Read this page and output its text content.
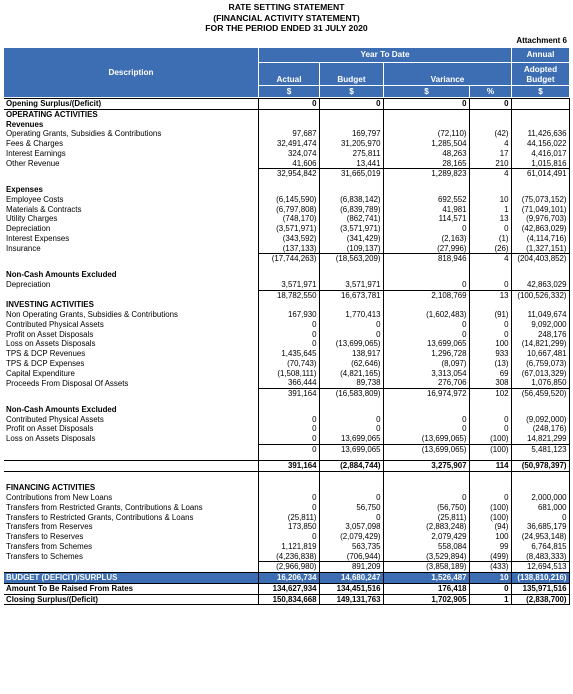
RATE SETTING STATEMENT
(FINANCIAL ACTIVITY STATEMENT)
FOR THE PERIOD ENDED 31 JULY 2020
Attachment 6
Description
Year To Date	Annual
Actual	Budget	Variance
Adopted Budget
$	$	$	%	$
Opening Surplus/(Deficit)	0	0	0	0	
OPERATING ACTIVITIES					
Revenues					
Operating Grants, Subsidies & Contributions	97,687	169,797	(72,110)	(42)	11,426,636
Fees & Charges	32,491,474	31,205,970	1,285,504	4	44,156,022
Interest Earnings	324,074	275,811	48,263	17	4,416,017
Other Revenue	41,606	13,441	28,165	210	1,015,816
	32,954,842	31,665,019	1,289,823	4	61,014,491

Expenses					
Employee Costs	(6,145,590)	(6,838,142)	692,552	10	(75,073,152)
Materials & Contracts	(6,797,808)	(6,839,789)	41,981	1	(71,049,101)
Utility Charges	(748,170)	(862,741)	114,571	13	(9,976,703)
Depreciation	(3,571,971)	(3,571,971)	0	0	(42,863,029)
Interest Expenses	(343,592)	(341,429)	(2,163)	(1)	(4,114,716)
Insurance	(137,133)	(109,137)	(27,996)	(26)	(1,327,151)
	(17,744,263)	(18,563,209)	818,946	4	(204,403,852)

Non-Cash Amounts Excluded					
Depreciation	3,571,971	3,571,971	0	0	42,863,029
	18,782,550	16,673,781	2,108,769	13	(100,526,332)
INVESTING ACTIVITIES					
Non Operating Grants, Subsidies & Contributions	167,930	1,770,413	(1,602,483)	(91)	11,049,674
Contributed Physical Assets	0	0	0	0	9,092,000
Profit on Asset Disposals	0	0	0	0	248,176
Loss on Assets Disposals	0	(13,699,065)	13,699,065	100	(14,821,299)
TPS & DCP Revenues	1,435,645	138,917	1,296,728	933	10,667,481
TPS & DCP Expenses	(70,743)	(62,646)	(8,097)	(13)	(6,759,073)
Capital Expenditure	(1,508,111)	(4,821,165)	3,313,054	69	(67,013,329)
Proceeds From Disposal Of Assets	366,444	89,738	276,706	308	1,076,850
	391,164	(16,583,809)	16,974,972	102	(56,459,520)

Non-Cash Amounts Excluded					
Contributed Physical Assets	0	0	0	0	(9,092,000)
Profit on Asset Disposals	0	0	0	0	(248,176)
Loss on Assets Disposals	0	13,699,065	(13,699,065)	(100)	14,821,299
	0	13,699,065	(13,699,065)	(100)	5,481,123

	391,164	(2,884,744)	3,275,907	114	(50,978,397)

FINANCING ACTIVITIES					
Contributions from New Loans	0	0	0	0	2,000,000
Transfers from Restricted Grants, Contributions & Loans	0	56,750	(56,750)	(100)	681,000
Transfers to Restricted Grants, Contributions & Loans	(25,811)	0	(25,811)	(100)	0
Transfers from Reserves	173,850	3,057,098	(2,883,248)	(94)	36,685,179
Transfers to Reserves	0	(2,079,429)	2,079,429	100	(24,953,148)
Transfers from Schemes	1,121,819	563,735	558,084	99	6,764,815
Transfers to Schemes	(4,236,838)	(706,944)	(3,529,894)	(499)	(8,483,333)
	(2,966,980)	891,209	(3,858,189)	(433)	12,694,513
BUDGET (DEFICIT)/SURPLUS	16,206,734	14,680,247	1,526,487	10	(138,810,216)
Amount To Be Raised From Rates	134,627,934	134,451,516	176,418	0	135,971,516
Closing Surplus/(Deficit)	150,834,668	149,131,763	1,702,905	1	(2,838,700)
